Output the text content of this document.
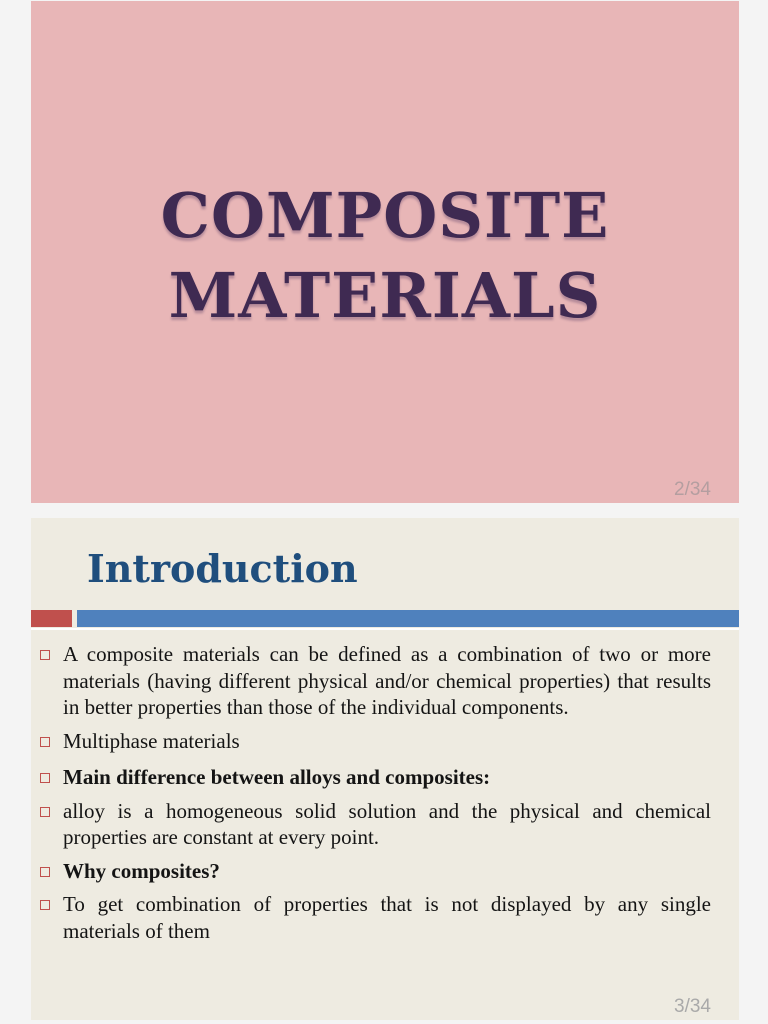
COMPOSITE
MATERIALS
2/34
Introduction
A composite materials can be defined as a combination of two or more materials (having different physical and/or chemical properties) that results in better properties than those of the individual components.
Multiphase materials
Main difference between alloys and composites:
alloy is a homogeneous solid solution and the physical and chemical properties are constant at every point.
Why composites?
To get combination of properties that is not displayed by any single materials of them
3/34
